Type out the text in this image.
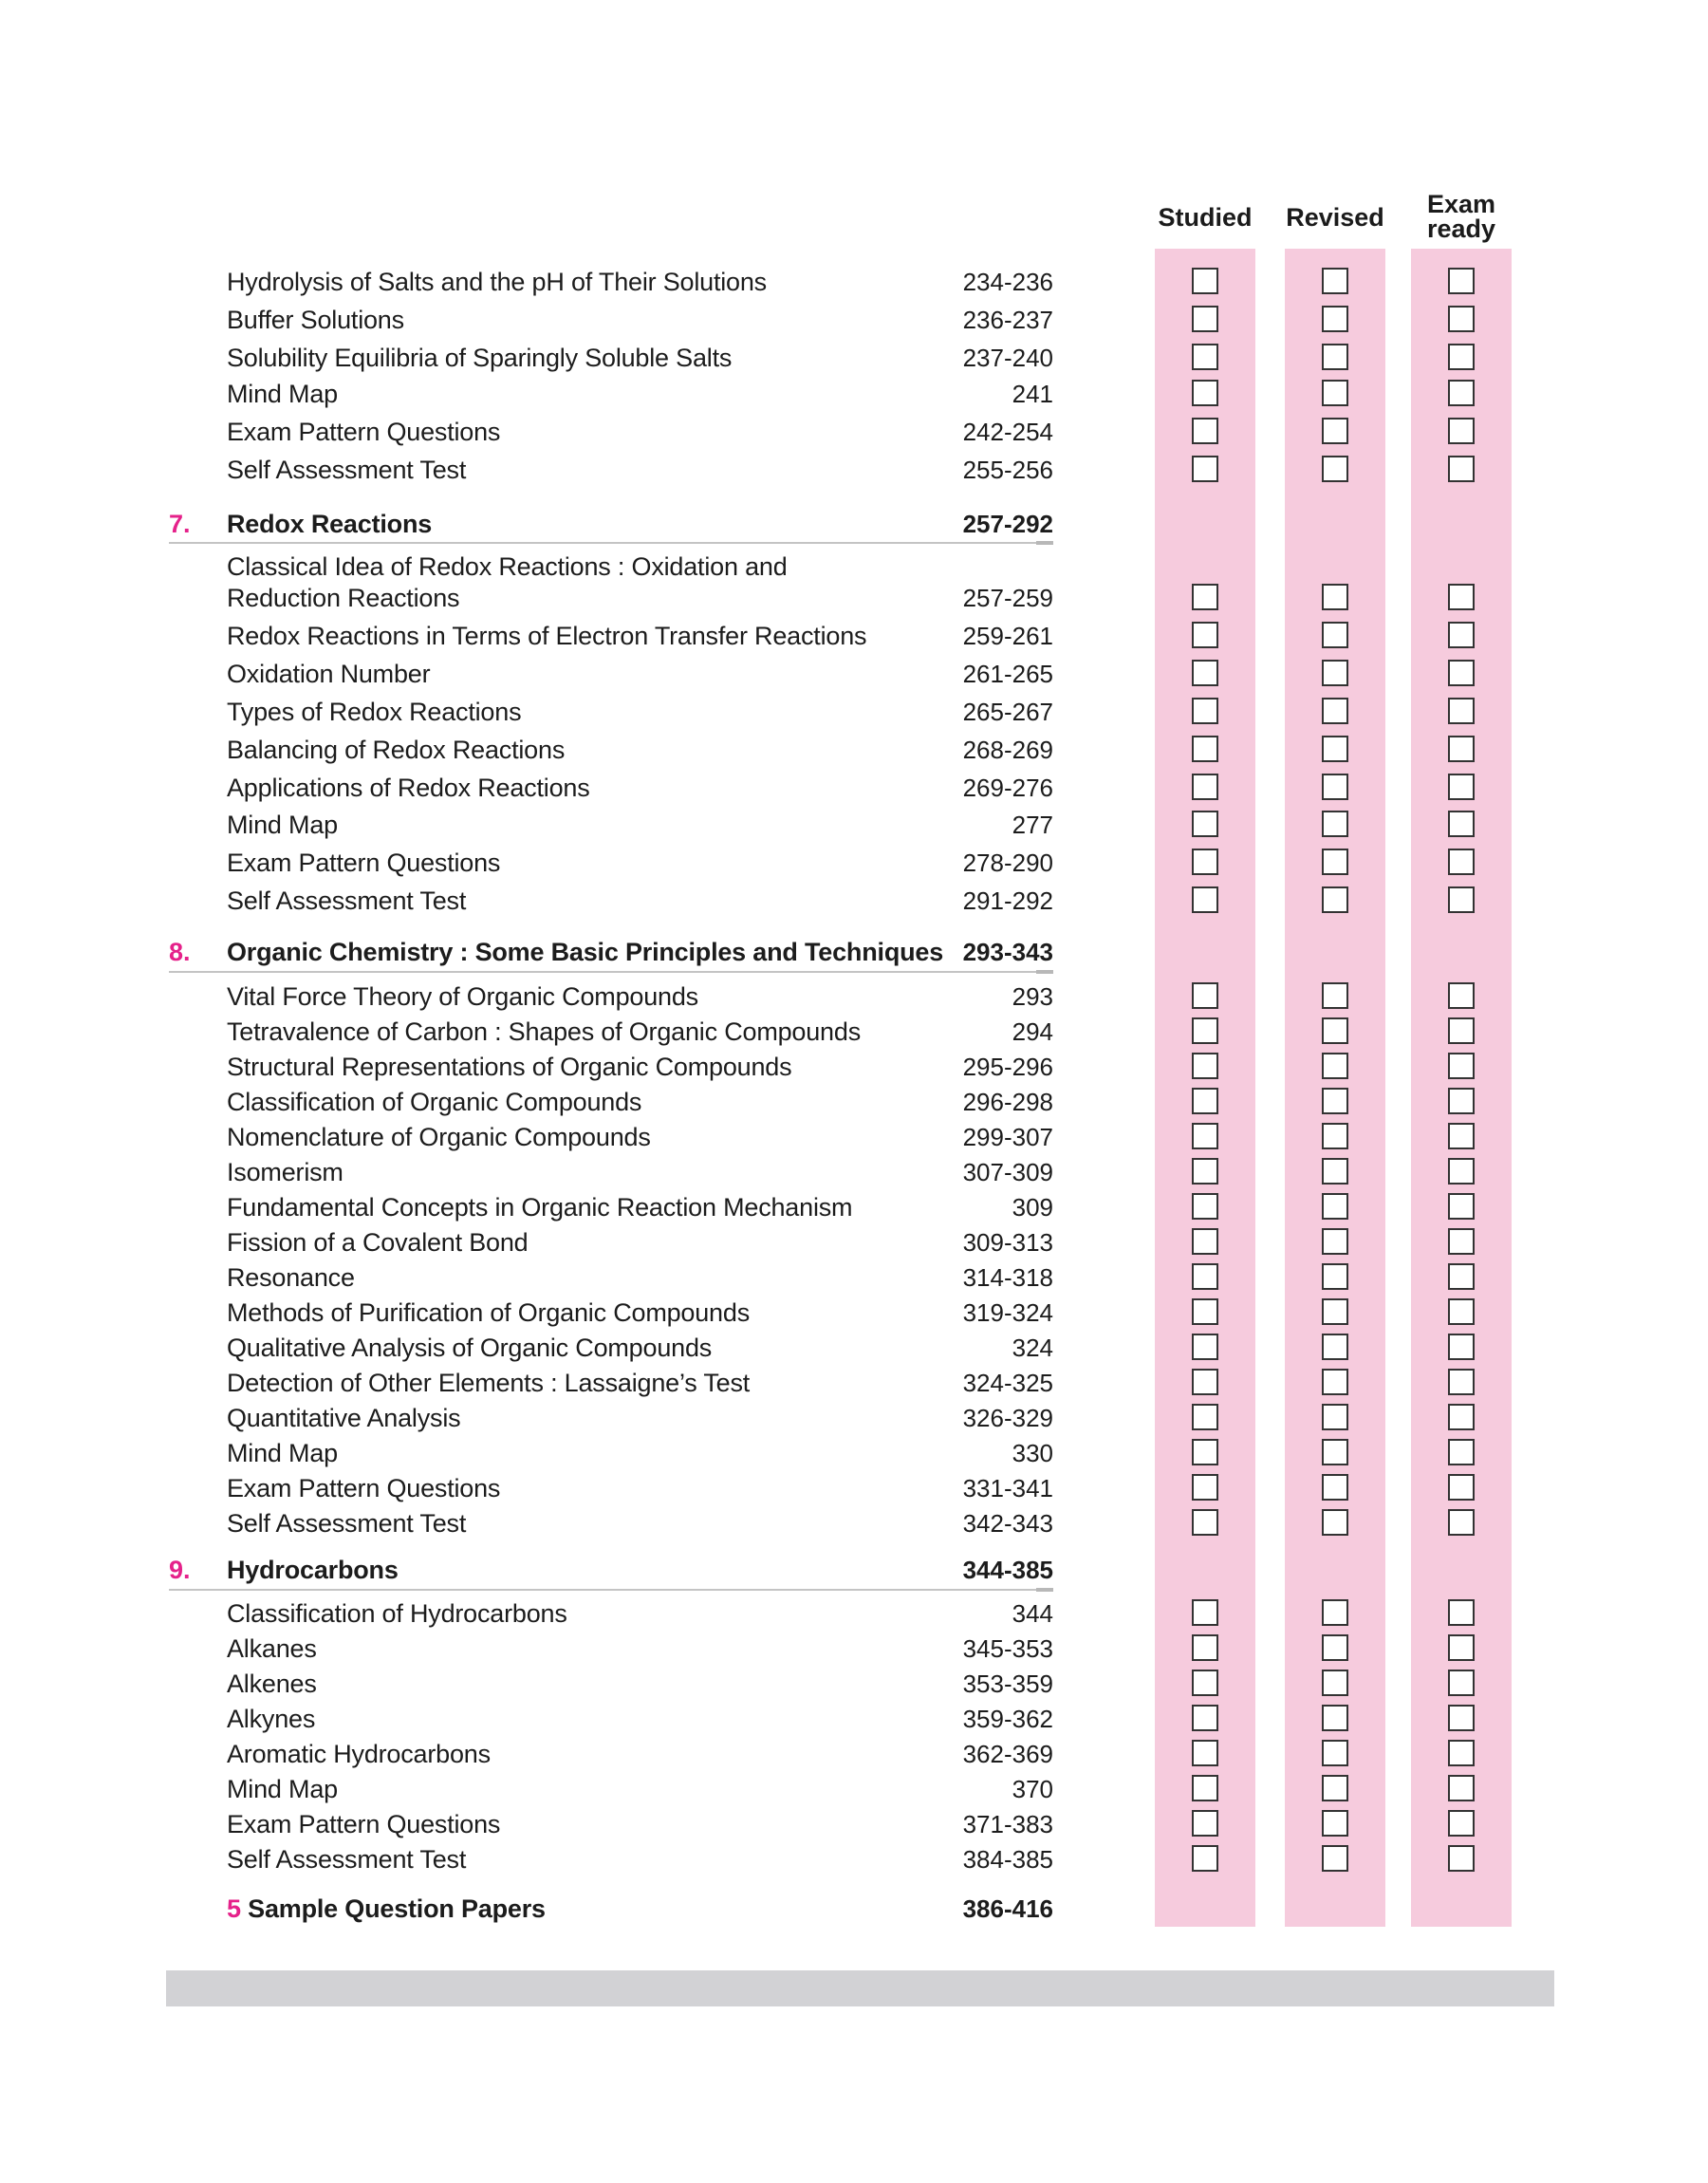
Studied	Revised	Exam
ready
Hydrolysis of Salts and the pH of Their Solutions	234-236
Buffer Solutions	236-237
Solubility Equilibria of Sparingly Soluble Salts	237-240
Mind Map	241
Exam Pattern Questions	242-254
Self Assessment Test	255-256
7. Redox Reactions	257-292
Classical Idea of Redox Reactions : Oxidation and
Reduction Reactions	257-259
Redox Reactions in Terms of Electron Transfer Reactions	259-261
Oxidation Number	261-265
Types of Redox Reactions	265-267
Balancing of Redox Reactions	268-269
Applications of Redox Reactions	269-276
Mind Map	277
Exam Pattern Questions	278-290
Self Assessment Test	291-292
8. Organic Chemistry : Some Basic Principles and Techniques 293-343
Vital Force Theory of Organic Compounds	293
Tetravalence of Carbon : Shapes of Organic Compounds	294
Structural Representations of Organic Compounds	295-296
Classification of Organic Compounds	296-298
Nomenclature of Organic Compounds	299-307
Isomerism	307-309
Fundamental Concepts in Organic Reaction Mechanism	309
Fission of a Covalent Bond	309-313
Resonance	314-318
Methods of Purification of Organic Compounds	319-324
Qualitative Analysis of Organic Compounds	324
Detection of Other Elements : Lassaigne’s Test	324-325
Quantitative Analysis	326-329
Mind Map	330
Exam Pattern Questions	331-341
Self Assessment Test	342-343
9. Hydrocarbons	344-385
Classification of Hydrocarbons	344
Alkanes	345-353
Alkenes	353-359
Alkynes	359-362
Aromatic Hydrocarbons	362-369
Mind Map	370
Exam Pattern Questions	371-383
Self Assessment Test	384-385
5 Sample Question Papers	386-416
